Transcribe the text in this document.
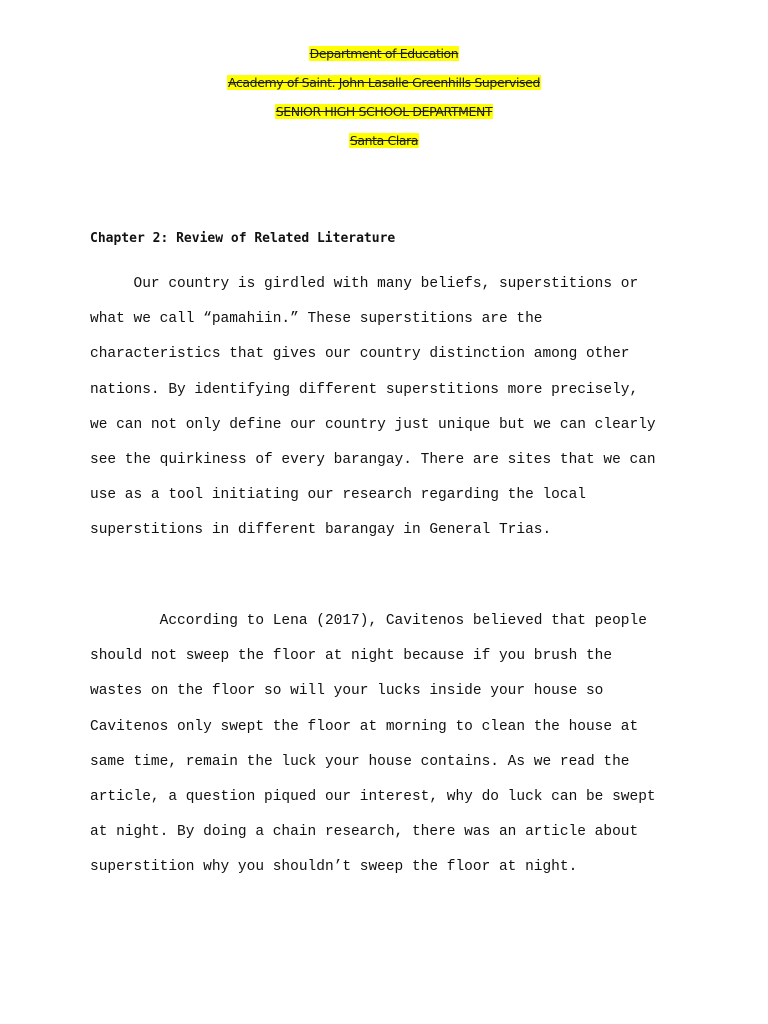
Department of Education
Academy of Saint. John Lasalle Greenhills Supervised
SENIOR HIGH SCHOOL DEPARTMENT
Santa Clara
Chapter 2: Review of Related Literature
Our country is girdled with many beliefs, superstitions or
what we call “pamahiin.” These superstitions are the
characteristics that gives our country distinction among other
nations. By identifying different superstitions more precisely,
we can not only define our country just unique but we can clearly
see the quirkiness of every barangay. There are sites that we can
use as a tool initiating our research regarding the local
superstitions in different barangay in General Trias.
According to Lena (2017), Cavitenos believed that people
should not sweep the floor at night because if you brush the
wastes on the floor so will your lucks inside your house so
Cavitenos only swept the floor at morning to clean the house at
same time, remain the luck your house contains. As we read the
article, a question piqued our interest, why do luck can be swept
at night. By doing a chain research, there was an article about
superstition why you shouldn’t sweep the floor at night.
